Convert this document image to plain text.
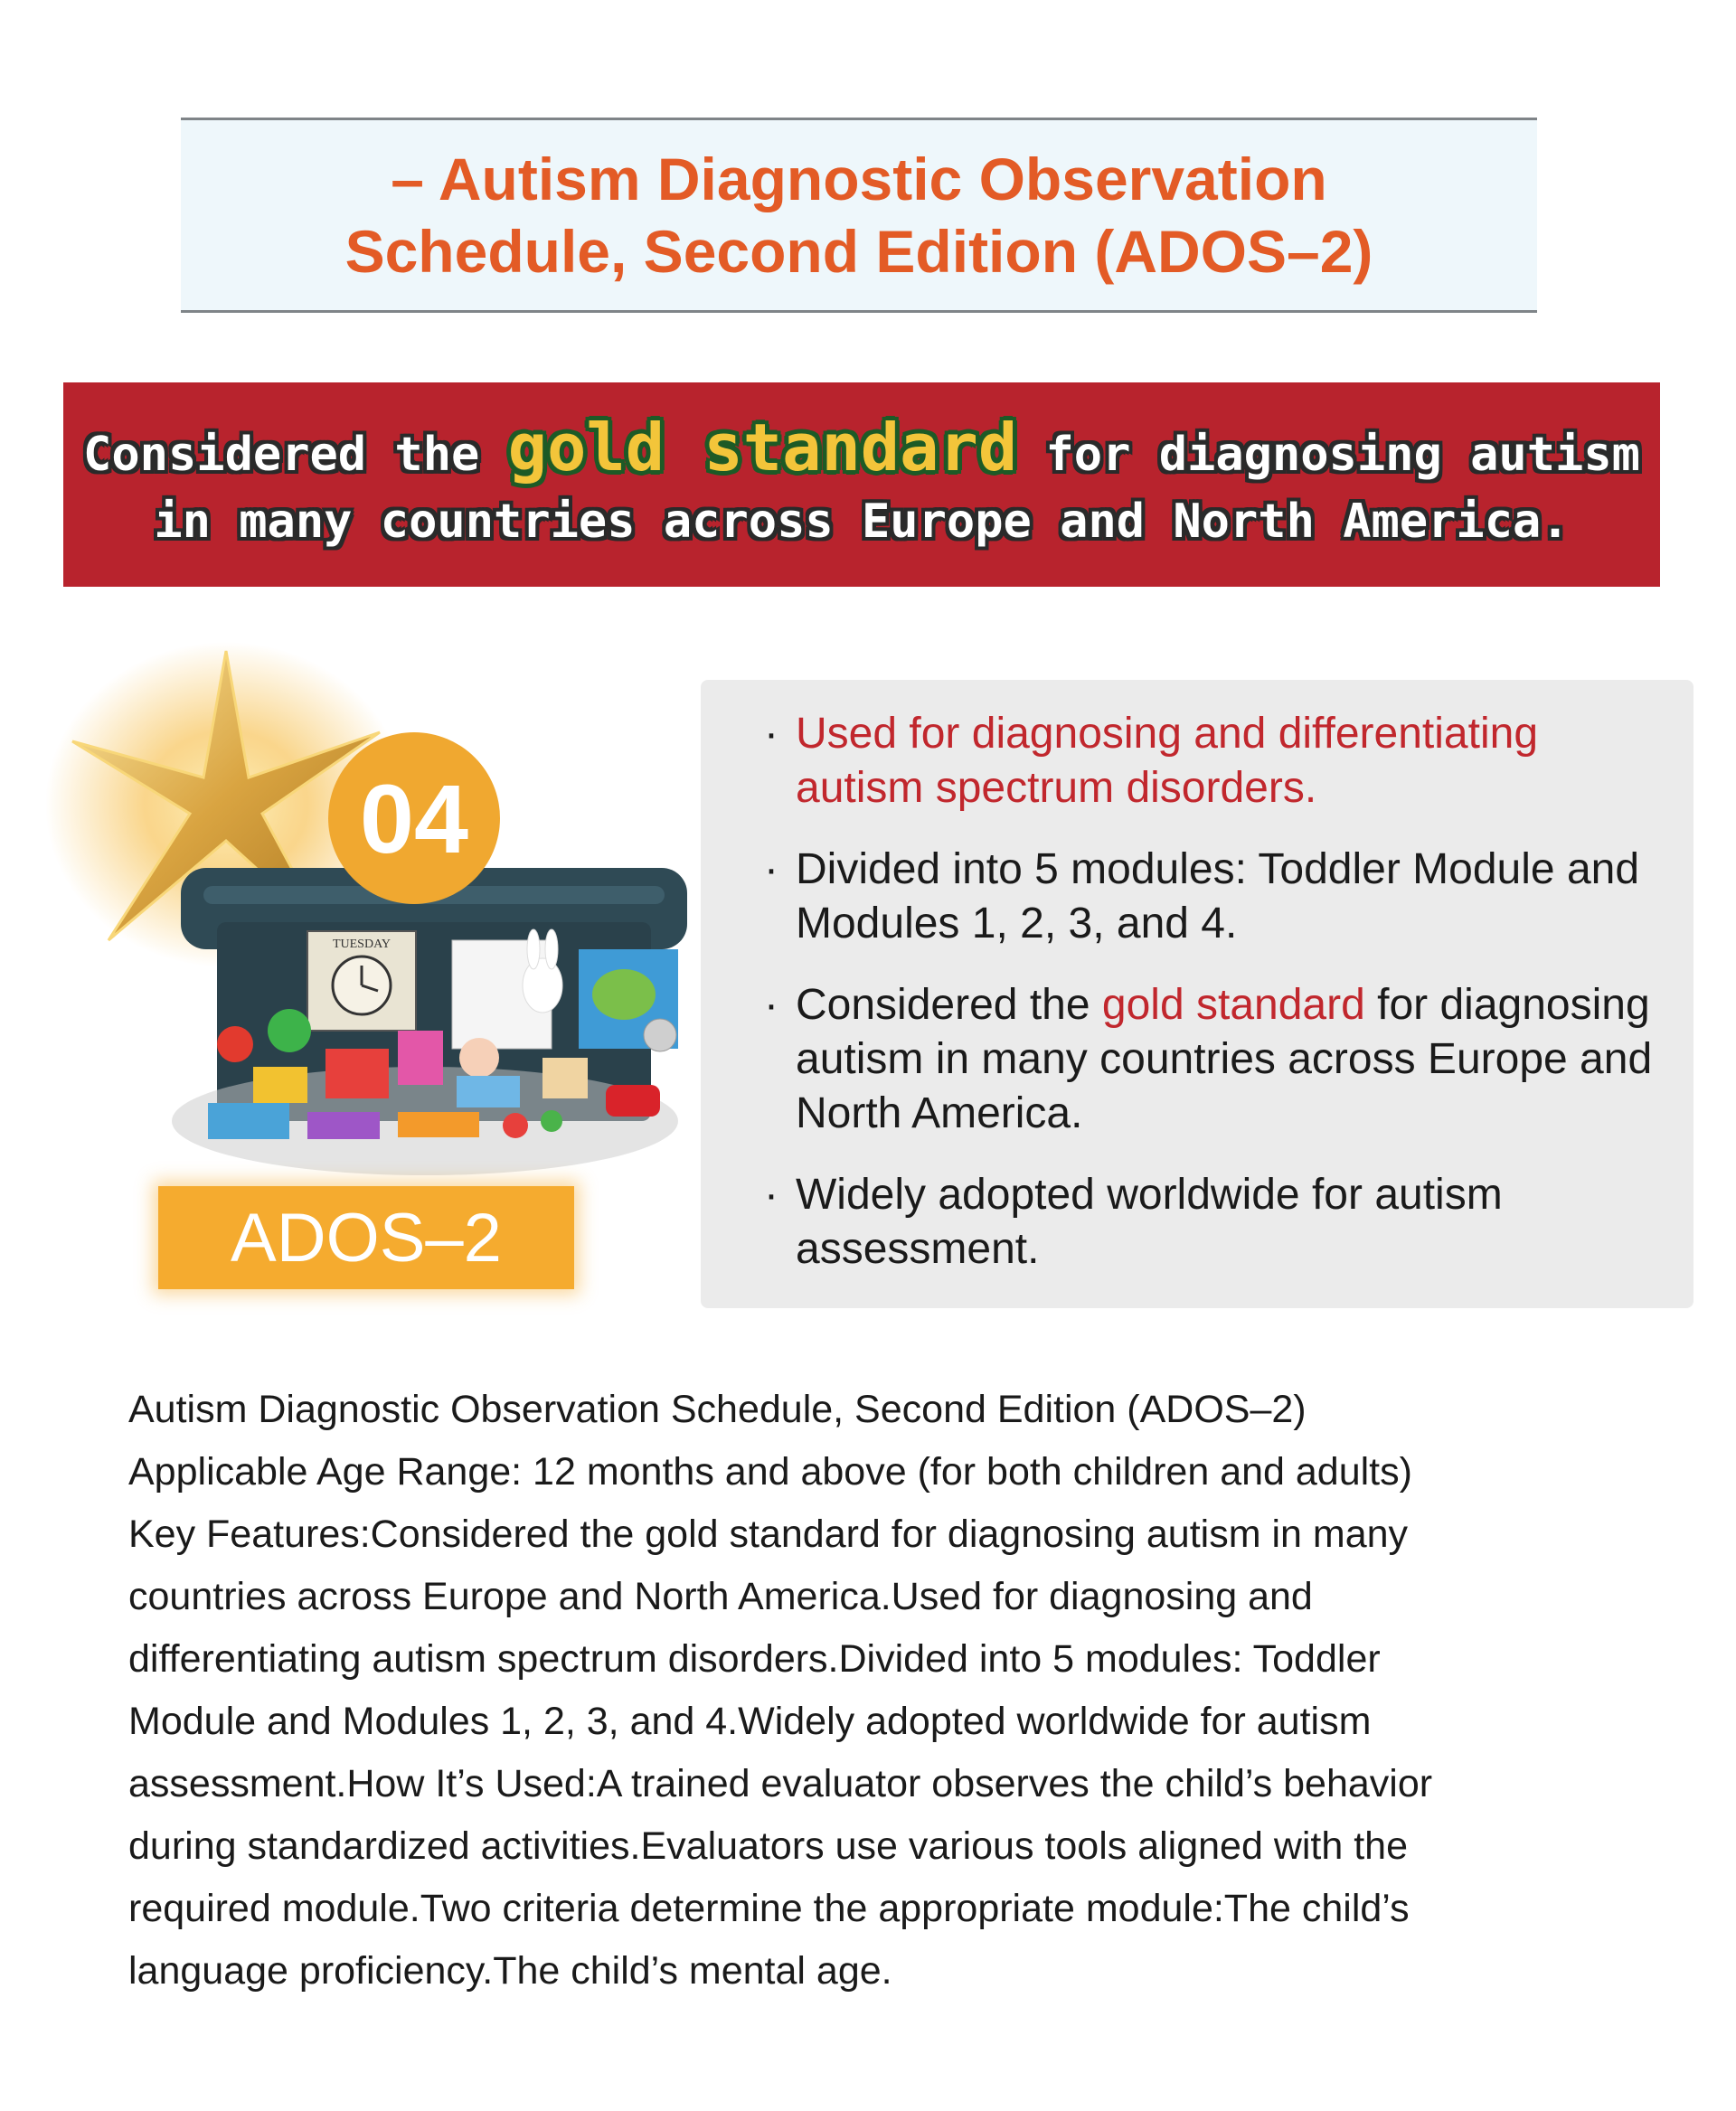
– Autism Diagnostic Observation
Schedule, Second Edition (ADOS–2)
Considered the gold standard for diagnosing autism
in many countries across Europe and North America.
TUESDAY
04
ADOS–2
· Used for diagnosing and differentiating autism spectrum disorders.
· Divided into 5 modules: Toddler Module and Modules 1, 2, 3, and 4.
· Considered the gold standard for diagnosing autism in many countries across Europe and North America.
· Widely adopted worldwide for autism assessment.
Autism Diagnostic Observation Schedule, Second Edition (ADOS–2)
Applicable Age Range: 12 months and above (for both children and adults)
Key Features:Considered the gold standard for diagnosing autism in many
countries across Europe and North America.Used for diagnosing and
differentiating autism spectrum disorders.Divided into 5 modules: Toddler
Module and Modules 1, 2, 3, and 4.Widely adopted worldwide for autism
assessment.How It’s Used:A trained evaluator observes the child’s behavior
during standardized activities.Evaluators use various tools aligned with the
required module.Two criteria determine the appropriate module:The child’s
language proficiency.The child’s mental age.
